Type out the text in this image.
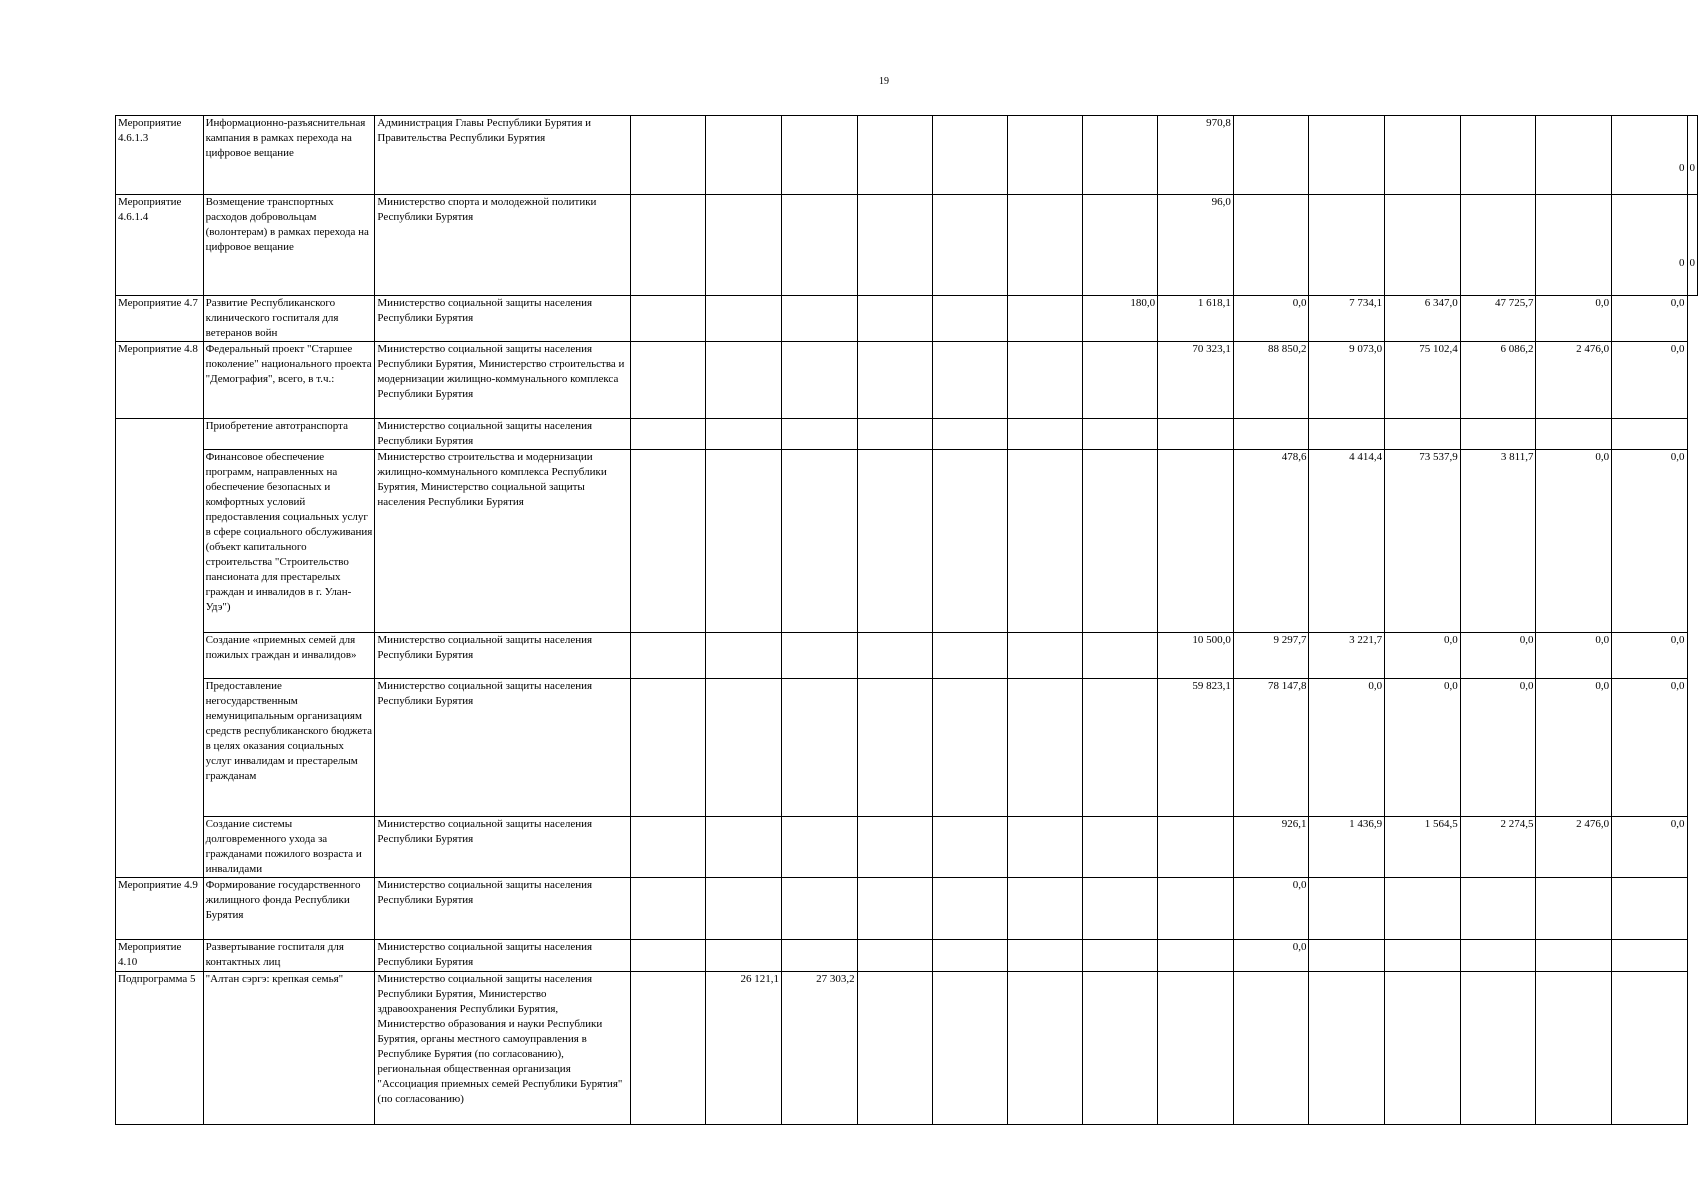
19
Мероприятие 4.6.1.3	Информационно-разъяснительная кампания в рамках перехода на цифровое вещание	Администрация Главы Республики Бурятия и Правительства Республики Бурятия								970,8						0	0
Мероприятие 4.6.1.4	Возмещение транспортных расходов добровольцам (волонтерам) в рамках перехода на цифровое вещание	Министерство спорта и молодежной политики Республики Бурятия								96,0						0	0
Мероприятие 4.7	Развитие Республиканского клинического госпиталя для ветеранов войн	Министерство социальной защиты населения Республики Бурятия							180,0	1 618,1	0,0	7 734,1	6 347,0	47 725,7	0,0	0,0	
Мероприятие 4.8	Федеральный проект "Старшее поколение" национального проекта "Демография", всего, в т.ч.:	Министерство социальной защиты населения Республики Бурятия, Министерство строительства и модернизации жилищно-коммунального комплекса Республики Бурятия								70 323,1	88 850,2	9 073,0	75 102,4	6 086,2	2 476,0	0,0	
	Приобретение автотранспорта	Министерство социальной защиты населения Республики Бурятия															
	Финансовое обеспечение программ, направленных на обеспечение безопасных и комфортных условий предоставления социальных услуг в сфере социального обслуживания (объект капитального строительства "Строительство пансионата для престарелых граждан и инвалидов в г. Улан-Удэ")	Министерство строительства и модернизации жилищно-коммунального комплекса Республики Бурятия, Министерство социальной защиты населения Республики Бурятия									478,6	4 414,4	73 537,9	3 811,7	0,0	0,0	
	Создание «приемных семей для пожилых граждан и инвалидов»	Министерство социальной защиты населения Республики Бурятия								10 500,0	9 297,7	3 221,7	0,0	0,0	0,0	0,0	
	Предоставление негосударственным немуниципальным организациям средств республиканского бюджета в целях оказания социальных услуг инвалидам и престарелым гражданам	Министерство социальной защиты населения Республики Бурятия								59 823,1	78 147,8	0,0	0,0	0,0	0,0	0,0	
	Создание системы долговременного ухода за гражданами пожилого возраста и инвалидами	Министерство социальной защиты населения Республики Бурятия									926,1	1 436,9	1 564,5	2 274,5	2 476,0	0,0	
Мероприятие 4.9	Формирование государственного жилищного фонда Республики Бурятия	Министерство социальной защиты населения Республики Бурятия									0,0						
Мероприятие 4.10	Развертывание госпиталя для контактных лиц	Министерство социальной защиты населения Республики Бурятия									0,0						
Подпрограмма 5	"Алтан сэргэ: крепкая семья"	Министерство социальной защиты населения Республики Бурятия, Министерство здравоохранения Республики Бурятия, Министерство образования и науки Республики Бурятия, органы местного самоуправления в Республике Бурятия (по согласованию), региональная общественная организация "Ассоциация приемных семей Республики Бурятия" (по согласованию)		26 121,1	27 303,2												
